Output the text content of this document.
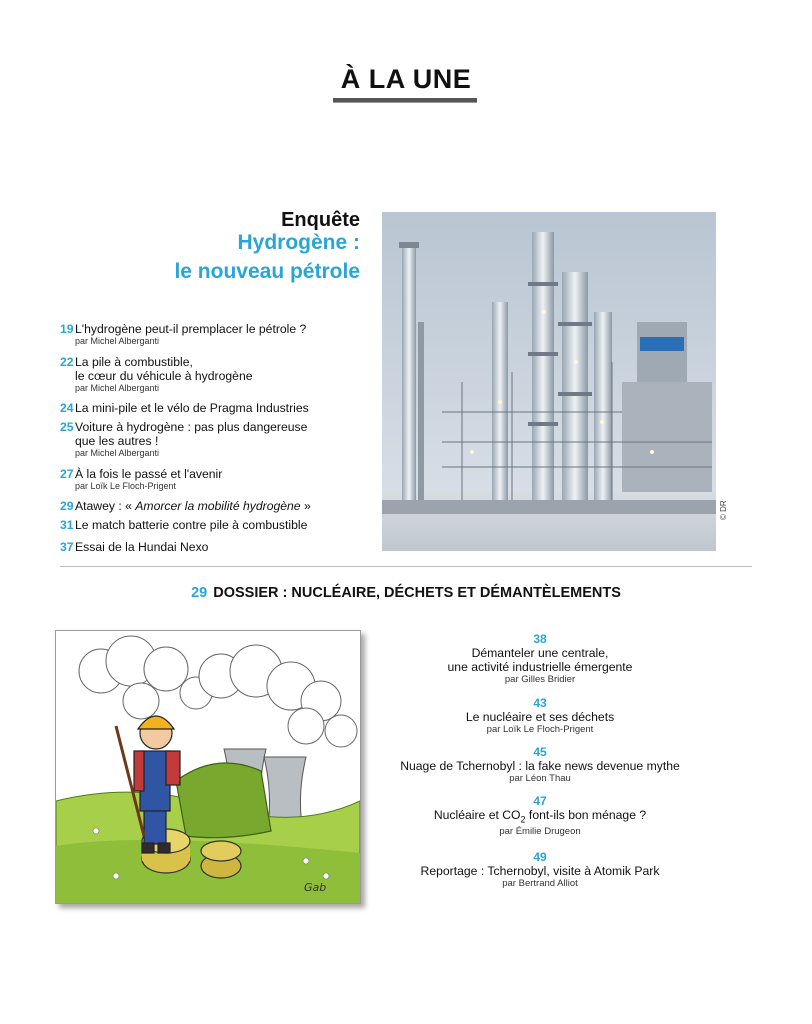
À LA UNE
Enquête
Hydrogène :
le nouveau pétrole
19L'hydrogène peut-il premplacer le pétrole ?
par Michel Alberganti
22La pile à combustible,
le cœur du véhicule à hydrogène
par Michel Alberganti
24La mini-pile et le vélo de Pragma Industries
25Voiture à hydrogène : pas plus dangereuse
que les autres !
par Michel Alberganti
27À la fois le passé et l'avenir
par Loïk Le Floch-Prigent
29Atawey : « Amorcer la mobilité hydrogène »
31Le match batterie contre pile à combustible
37Essai de la Hundai Nexo
© DR
29 DOSSIER : NUCLÉAIRE, DÉCHETS ET DÉMANTÈLEMENTS
Gab
38
Démanteler une centrale,
une activité industrielle émergente
par Gilles Bridier
43
Le nucléaire et ses déchets
par Loïk Le Floch-Prigent
45
Nuage de Tchernobyl : la fake news devenue mythe
par Léon Thau
47
Nucléaire et $CO_2$ font-ils bon ménage ?
par Émilie Drugeon
49
Reportage : Tchernobyl, visite à Atomik Park
par Bertrand Alliot
